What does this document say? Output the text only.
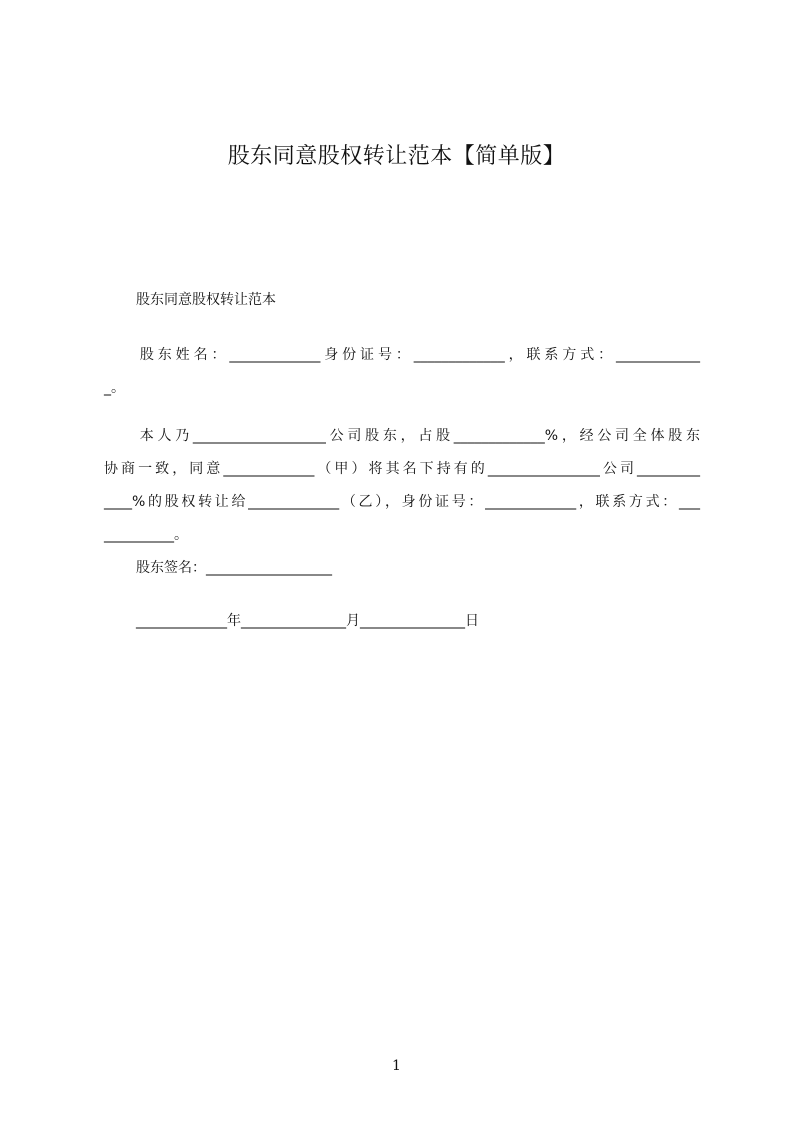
股东同意股权转让范本【简单版】
股东同意股权转让范本
股东姓名：_____________身份证号：_____________，联系方式：____________
_。
本人乃___________________公司股东，占股_____________%，经公司全体股东
协商一致，同意_____________（甲）将其名下持有的________________公司_________
____%的股权转让给_____________（乙），身份证号：_____________，联系方式：___
__________。
股东签名：__________________
_____________年_______________月_______________日
1
